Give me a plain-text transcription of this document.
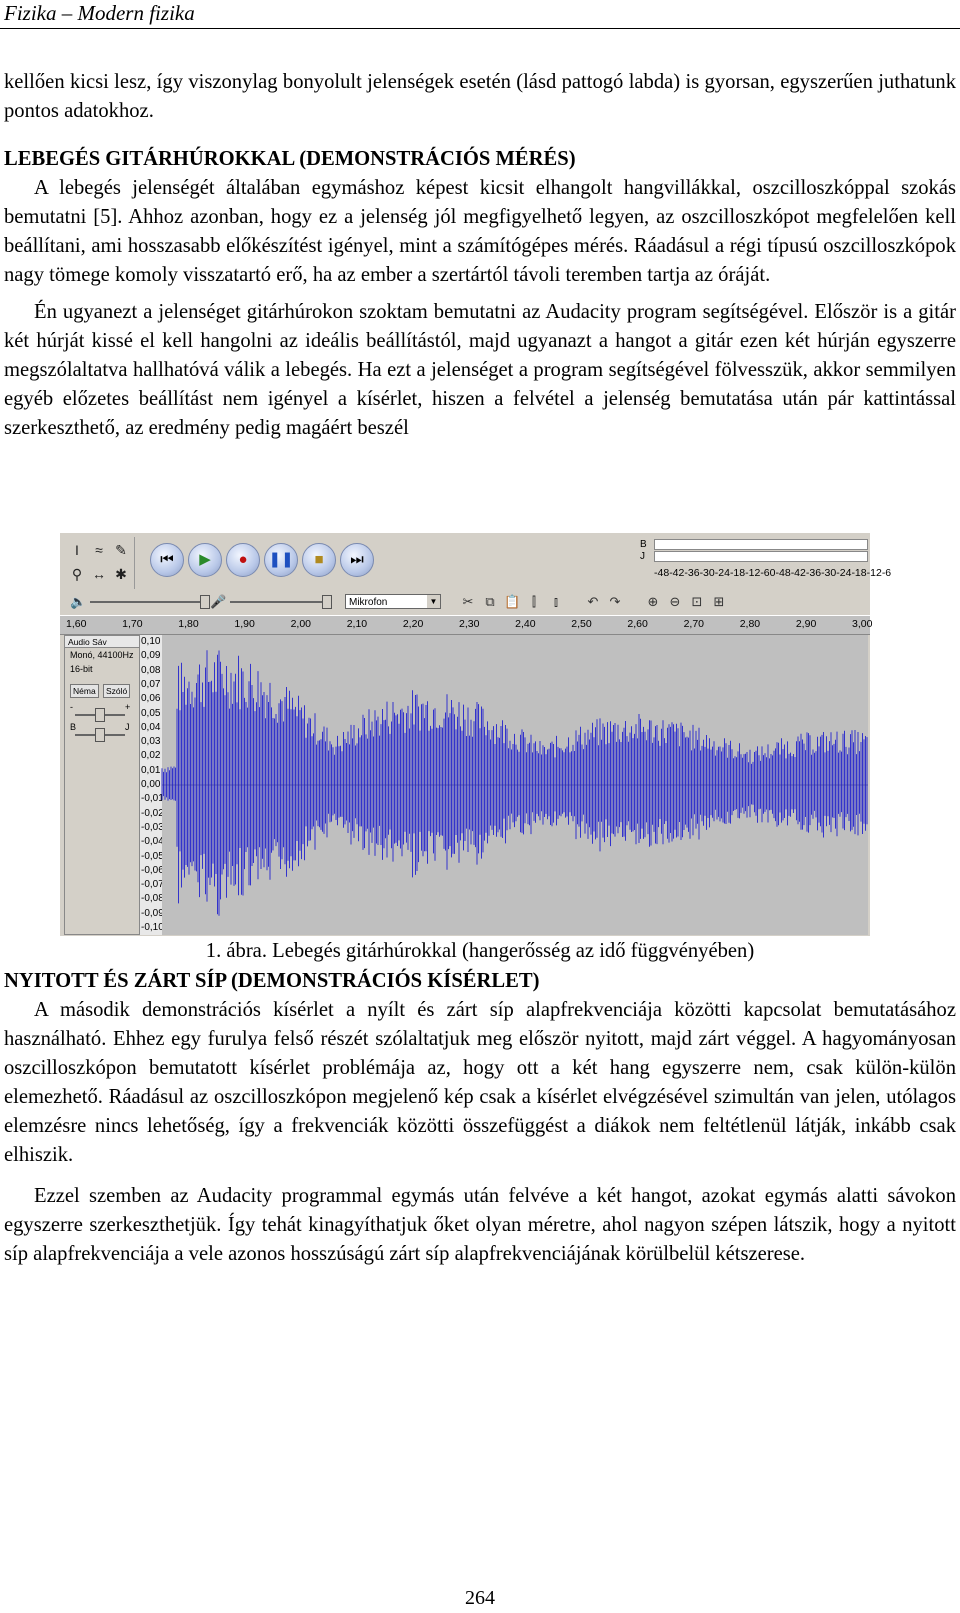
Fizika – Modern fizika

kellően kicsi lesz, így viszonylag bonyolult jelenségek esetén (lásd pattogó labda) is gyorsan, egyszerűen juthatunk pontos adatokhoz.

LEBEGÉS GITÁRHÚROKKAL (DEMONSTRÁCIÓS MÉRÉS)

A lebegés jelenségét általában egymáshoz képest kicsit elhangolt hangvillákkal, oszcilloszkóppal szokás bemutatni [5]. Ahhoz azonban, hogy ez a jelenség jól megfigyelhető legyen, az oszcilloszkópot megfelelően kell beállítani, ami hosszasabb előkészítést igényel, mint a számítógépes mérés. Ráadásul a régi típusú oszcilloszkópok nagy tömege komoly visszatartó erő, ha az ember a szertártól távoli teremben tartja az óráját.

Én ugyanezt a jelenséget gitárhúrokon szoktam bemutatni az Audacity program segítségével. Először is a gitár két húrját kissé el kell hangolni az ideális beállítástól, majd ugyanazt a hangot a gitár ezen két húrján egyszerre megszólaltatva hallhatóvá válik a lebegés. Ha ezt a jelenséget a program segítségével fölvesszük, akkor semmilyen egyéb előzetes beállítást nem igényel a kísérlet, hiszen a felvétel a jelenség bemutatása után pár kattintással szerkeszthető, az eredmény pedig magáért beszél

I	≈ ✎
⚲ ↔ ✱
⏮	▶	●	❚❚	■	⏭
B
J
-48 -42 -36 -30 -24 -18 -12 -6 0 -48 -42 -36 -30 -24 -18 -12 -6
🔈	🎤	Mikrofon	▼ ✂ ⧉ 📋 ⫿	⫾	↶ ↷ ⊕ ⊖ ⊡ ⊞
1,60	1,70	1,80	1,90	2,00	2,10	2,20	2,30	2,40	2,50	2,60	2,70	2,80	2,90	3,00
Audio Sáv
Monó, 44100Hz
16-bit
Néma	Szóló
-	+
B	J
0,10
0,09
0,08
0,07
0,06
0,05
0,04
0,03
0,02
0,01
0,00
-0,01
-0,02
-0,03
-0,04
-0,05
-0,06
-0,07
-0,08
-0,09
-0,10
1. ábra. Lebegés gitárhúrokkal (hangerősség az idő függvényében)

NYITOTT ÉS ZÁRT SÍP (DEMONSTRÁCIÓS KÍSÉRLET)

A második demonstrációs kísérlet a nyílt és zárt síp alapfrekvenciája közötti kapcsolat bemutatásához használható. Ehhez egy furulya felső részét szólaltatjuk meg először nyitott, majd zárt véggel. A hagyományosan oszcilloszkópon bemutatott kísérlet problémája az, hogy ott a két hang egyszerre nem, csak külön-külön elemezhető. Ráadásul az oszcilloszkópon megjelenő kép csak a kísérlet elvégzésével szimultán van jelen, utólagos elemzésre nincs lehetőség, így a frekvenciák közötti összefüggést a diákok nem feltétlenül látják, inkább csak elhiszik.

Ezzel szemben az Audacity programmal egymás után felvéve a két hangot, azokat egymás alatti sávokon egyszerre szerkeszthetjük. Így tehát kinagyíthatjuk őket olyan méretre, ahol nagyon szépen látszik, hogy a nyitott síp alapfrekvenciája a vele azonos hosszúságú zárt síp alapfrekvenciájának körülbelül kétszerese.

264
